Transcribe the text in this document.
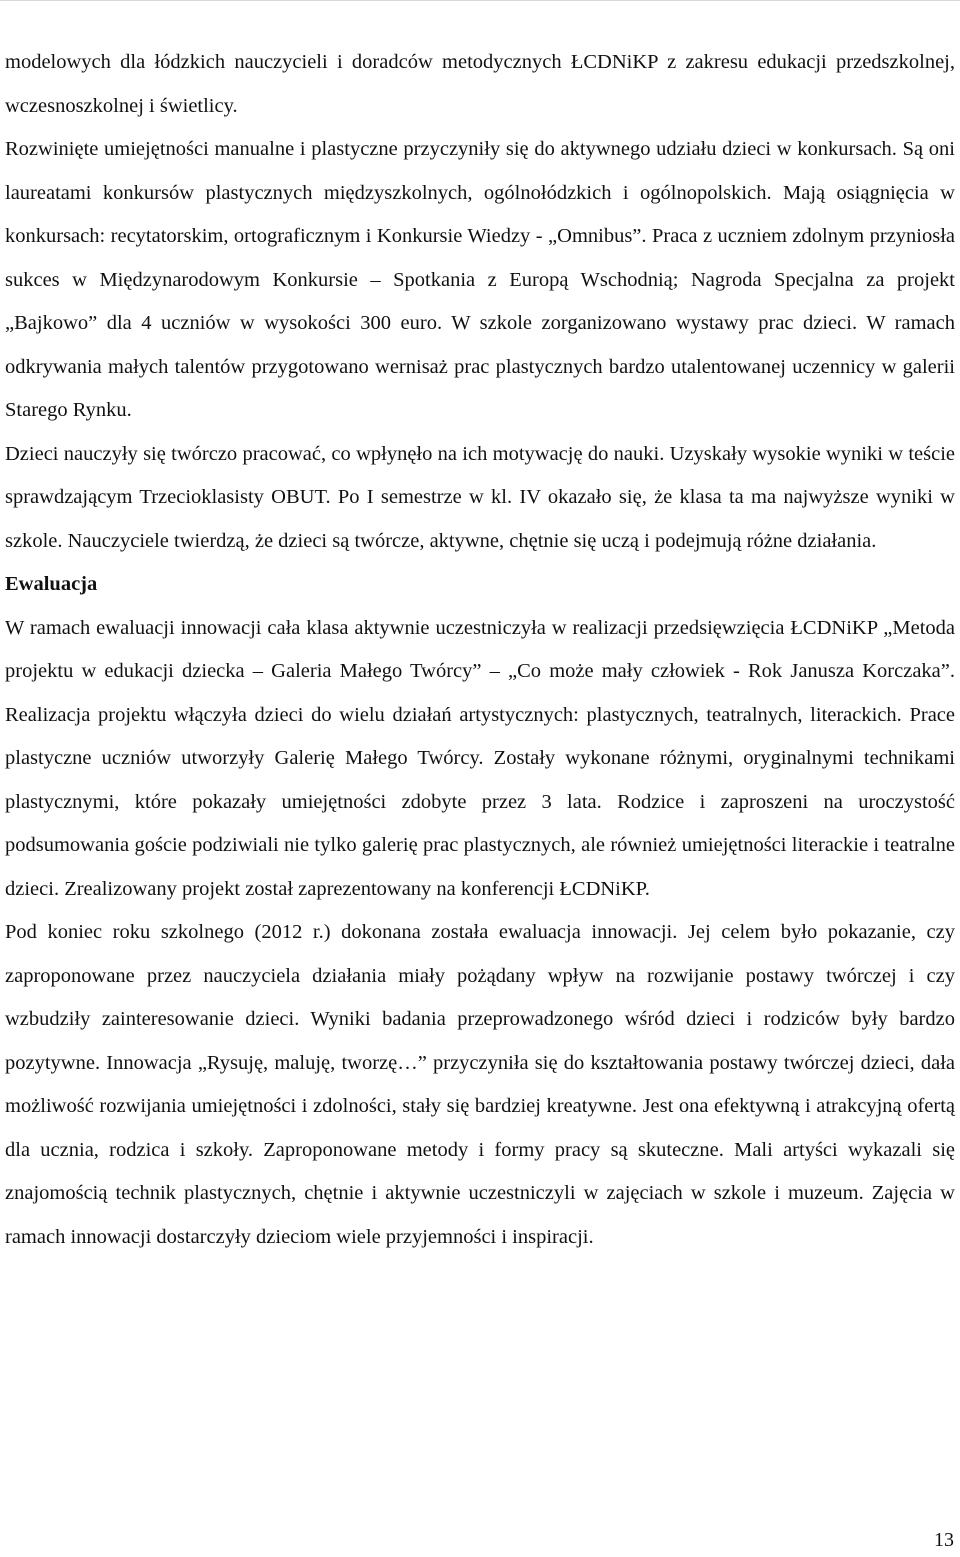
modelowych dla łódzkich nauczycieli i doradców metodycznych ŁCDNiKP z zakresu edukacji przedszkolnej, wczesnoszkolnej i świetlicy.

Rozwinięte umiejętności manualne i plastyczne przyczyniły się do aktywnego udziału dzieci w konkursach. Są oni laureatami konkursów plastycznych międzyszkolnych, ogólnołódzkich i ogólnopolskich. Mają osiągnięcia w konkursach: recytatorskim, ortograficznym i Konkursie Wiedzy - „Omnibus”. Praca z uczniem zdolnym przyniosła sukces w Międzynarodowym Konkursie – Spotkania z Europą Wschodnią; Nagroda Specjalna za projekt „Bajkowo” dla 4 uczniów w wysokości 300 euro. W szkole zorganizowano wystawy prac dzieci. W ramach odkrywania małych talentów przygotowano wernisaż prac plastycznych bardzo utalentowanej uczennicy w galerii Starego Rynku.

Dzieci nauczyły się twórczo pracować, co wpłynęło na ich motywację do nauki. Uzyskały wysokie wyniki w teście sprawdzającym Trzecioklasisty OBUT. Po I semestrze w kl. IV okazało się, że klasa ta ma najwyższe wyniki w szkole. Nauczyciele twierdzą, że dzieci są twórcze, aktywne, chętnie się uczą i podejmują różne działania.

Ewaluacja

W ramach ewaluacji innowacji cała klasa aktywnie uczestniczyła w realizacji przedsięwzięcia ŁCDNiKP „Metoda projektu w edukacji dziecka – Galeria Małego Twórcy” – „Co może mały człowiek - Rok Janusza Korczaka”. Realizacja projektu włączyła dzieci do wielu działań artystycznych: plastycznych, teatralnych, literackich. Prace plastyczne uczniów utworzyły Galerię Małego Twórcy. Zostały wykonane różnymi, oryginalnymi technikami plastycznymi, które pokazały umiejętności zdobyte przez 3 lata. Rodzice i zaproszeni na uroczystość podsumowania goście podziwiali nie tylko galerię prac plastycznych, ale również umiejętności literackie i teatralne dzieci. Zrealizowany projekt został zaprezentowany na konferencji ŁCDNiKP.

Pod koniec roku szkolnego (2012 r.) dokonana została ewaluacja innowacji. Jej celem było pokazanie, czy zaproponowane przez nauczyciela działania miały pożądany wpływ na rozwijanie postawy twórczej i czy wzbudziły zainteresowanie dzieci. Wyniki badania przeprowadzonego wśród dzieci i rodziców były bardzo pozytywne. Innowacja „Rysuję, maluję, tworzę…” przyczyniła się do kształtowania postawy twórczej dzieci, dała możliwość rozwijania umiejętności i zdolności, stały się bardziej kreatywne. Jest ona efektywną i atrakcyjną ofertą dla ucznia, rodzica i szkoły. Zaproponowane metody i formy pracy są skuteczne. Mali artyści wykazali się znajomością technik plastycznych, chętnie i aktywnie uczestniczyli w zajęciach w szkole i muzeum. Zajęcia w ramach innowacji dostarczyły dzieciom wiele przyjemności i inspiracji.

13
